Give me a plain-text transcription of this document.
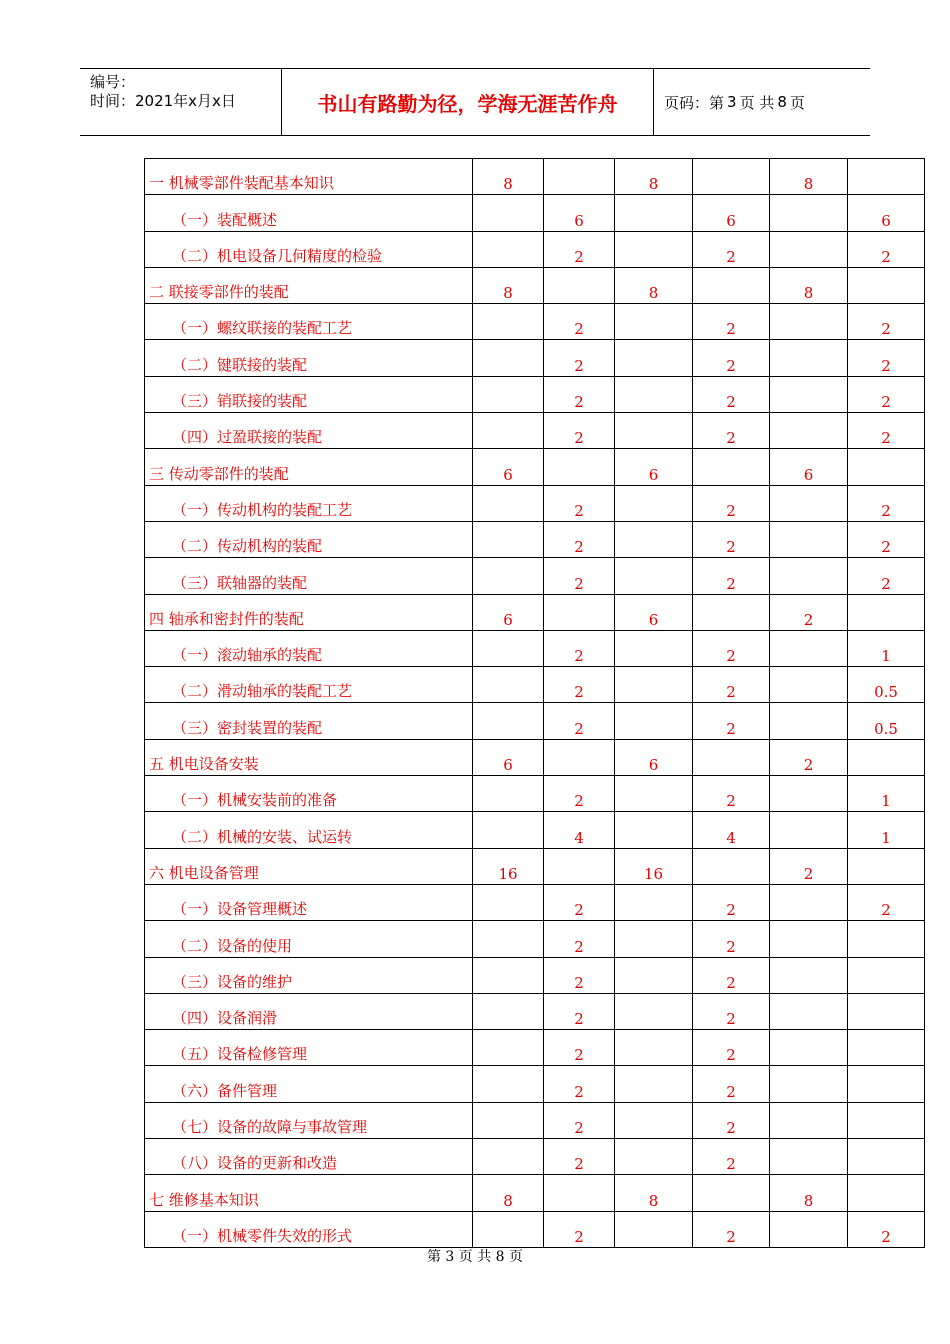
编号：
时间：2021年x月x日	书山有路勤为径，学海无涯苦作舟	页码：第 3 页 共 8 页
一 机械零部件装配基本知识	8		8		8	
（一）装配概述		6		6		6
（二）机电设备几何精度的检验		2		2		2
二 联接零部件的装配	8		8		8	
（一）螺纹联接的装配工艺		2		2		2
（二）键联接的装配		2		2		2
（三）销联接的装配		2		2		2
（四）过盈联接的装配		2		2		2
三 传动零部件的装配	6		6		6	
（一）传动机构的装配工艺		2		2		2
（二）传动机构的装配		2		2		2
（三）联轴器的装配		2		2		2
四 轴承和密封件的装配	6		6		2	
（一）滚动轴承的装配		2		2		1
（二）滑动轴承的装配工艺		2		2		0.5
（三）密封装置的装配		2		2		0.5
五 机电设备安装	6		6		2	
（一）机械安装前的准备		2		2		1
（二）机械的安装、试运转		4		4		1
六 机电设备管理	16		16		2	
（一）设备管理概述		2		2		2
（二）设备的使用		2		2		
（三）设备的维护		2		2		
（四）设备润滑		2		2		
（五）设备检修管理		2		2		
（六）备件管理		2		2		
（七）设备的故障与事故管理		2		2		
（八）设备的更新和改造		2		2		
七 维修基本知识	8		8		8	
（一）机械零件失效的形式		2		2		2
第 3 页 共 8 页
